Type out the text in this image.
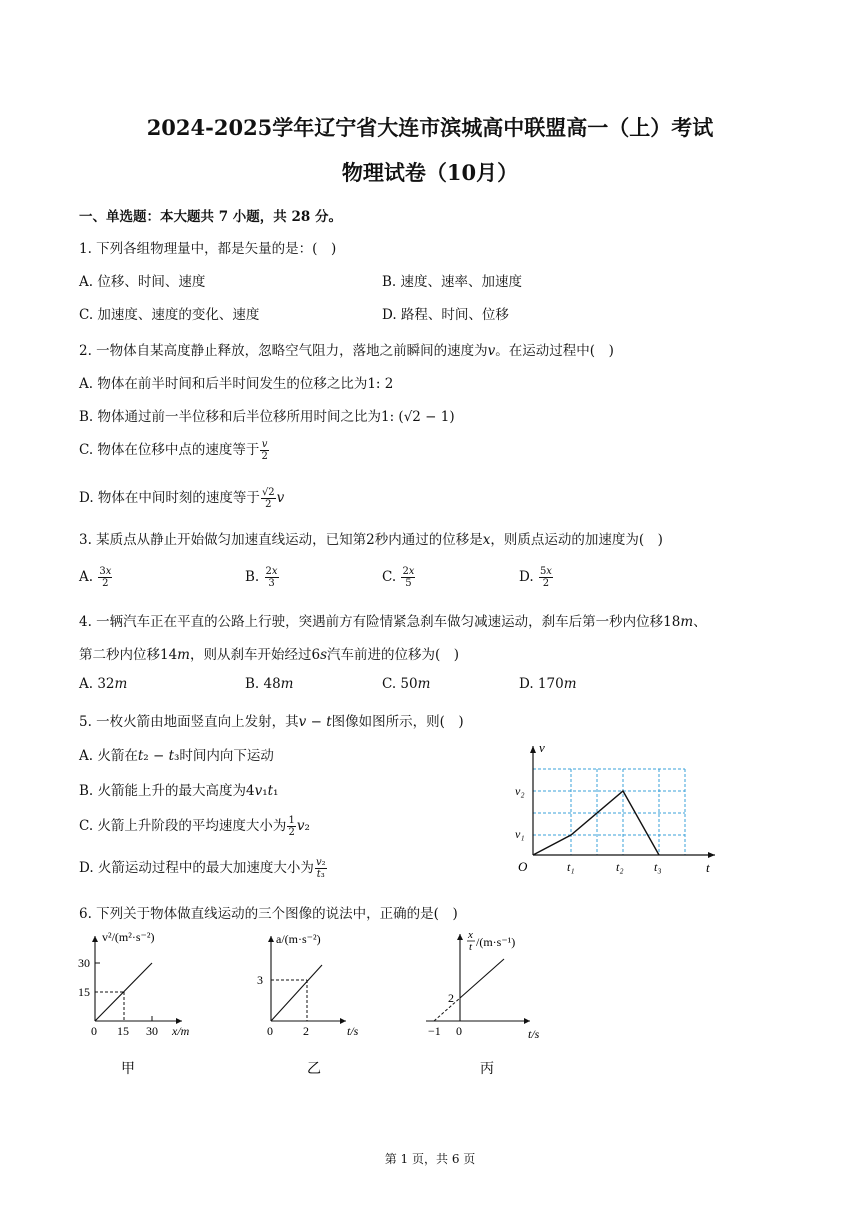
2024-2025学年辽宁省大连市滨城高中联盟高一（上）考试
物理试卷（10月）
一、单选题：本大题共 7 小题，共 28 分。
1. 下列各组物理量中，都是矢量的是：(　)
A. 位移、时间、速度	B. 速度、速率、加速度
C. 加速度、速度的变化、速度	D. 路程、时间、位移
2. 一物体自某高度静止释放，忽略空气阻力，落地之前瞬间的速度为𝑣。在运动过程中(　)
A. 物体在前半时间和后半时间发生的位移之比为1: 2
B. 物体通过前一半位移和后半位移所用时间之比为1: (√2 − 1)
C. 物体在位移中点的速度等于 $\frac{\text{𝑣}}{2}$
D. 物体在中间时刻的速度等于 $\frac{√2}{2}$ 𝑣
3. 某质点从静止开始做匀加速直线运动，已知第2秒内通过的位移是𝑥，则质点运动的加速度为(　)
A. $\frac{\text{3𝑥}}{2}$	B. $\frac{\text{2𝑥}}{3}$	C. $\frac{\text{2𝑥}}{5}$	D. $\frac{\text{5𝑥}}{2}$
4. 一辆汽车正在平直的公路上行驶，突遇前方有险情紧急刹车做匀减速运动，刹车后第一秒内位移18𝑚、
第二秒内位移14𝑚，则从刹车开始经过6𝑠汽车前进的位移为(　)
A. 32𝑚	B. 48𝑚	C. 50𝑚	D. 170𝑚
5. 一枚火箭由地面竖直向上发射，其𝑣 − 𝑡图像如图所示，则(　)
A. 火箭在𝑡₂ − 𝑡₃时间内向下运动
B. 火箭能上升的最大高度为4𝑣₁𝑡₁
C. 火箭上升阶段的平均速度大小为 $\frac{1}{2}$ 𝑣₂
D. 火箭运动过程中的最大加速度大小为 $\frac{\text{𝑣₂}}{\text{𝑡₃}}$
v
t
O
v₂
v₁
t₁	t₂	t₃
6. 下列关于物体做直线运动的三个图像的说法中，正确的是(　)
v²/(m²·s⁻²)
30
15
0 15 30 x/m
甲
a/(m·s⁻²)
3
0	2	t/s
乙
x
t /(m·s⁻¹)
2
−1 0	t/s
丙
第 1 页，共 6 页
